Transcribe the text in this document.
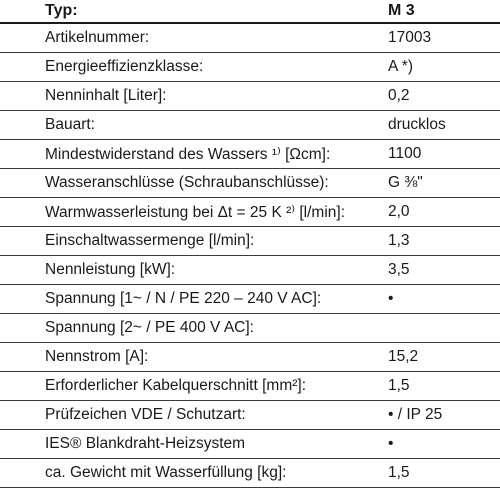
Typ:	M 3
Artikelnummer:	17003
Energieeffizienzklasse:	A *)
Nenninhalt [Liter]:	0,2
Bauart:	drucklos
Mindestwiderstand des Wassers ¹⁾ [Ωcm]:	1100
Wasseranschlüsse (Schraubanschlüsse):	G ⅜"
Warmwasserleistung bei Δt = 25 K ²⁾ [l/min]:	2,0
Einschaltwassermenge [l/min]:	1,3
Nennleistung [kW]:	3,5
Spannung [1~ / N / PE 220 – 240 V AC]:	•
Spannung [2~ / PE 400 V AC]:
Nennstrom [A]:	15,2
Erforderlicher Kabelquerschnitt [mm²]:	1,5
Prüfzeichen VDE / Schutzart:	• / IP 25
IES® Blankdraht-Heizsystem	•
ca. Gewicht mit Wasserfüllung [kg]:	1,5
